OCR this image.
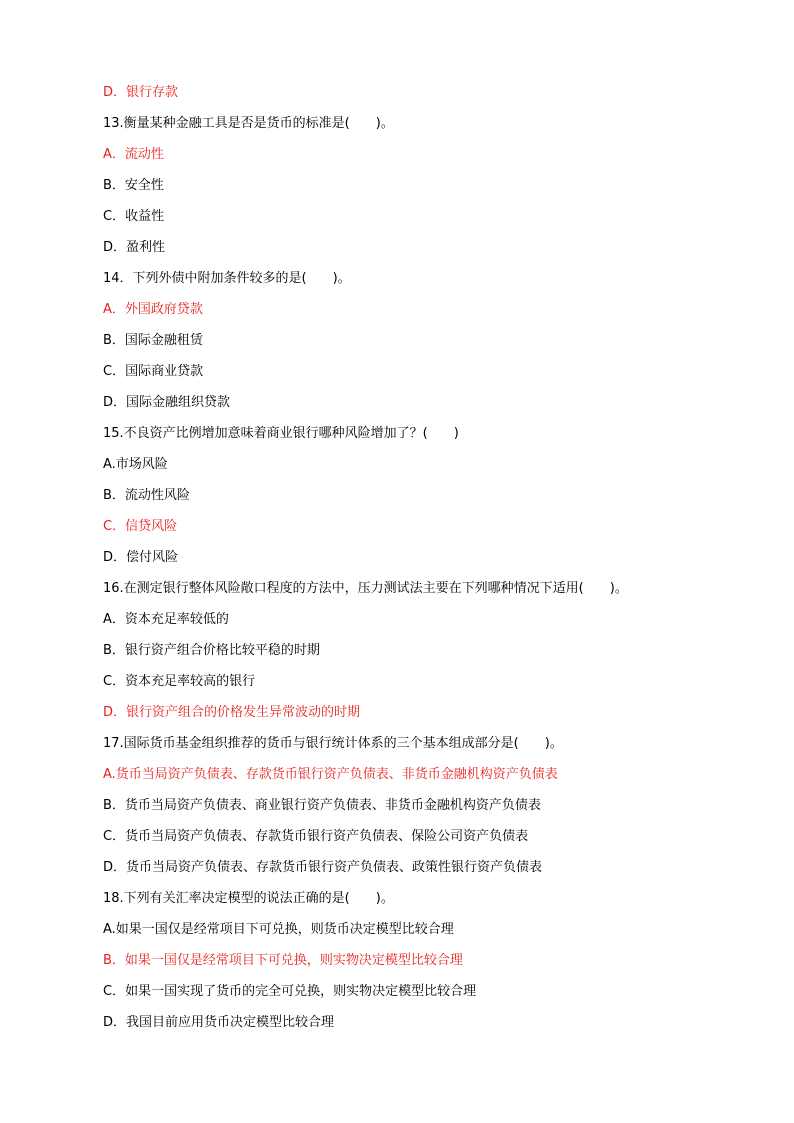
D．银行存款
13.衡量某种金融工具是否是货币的标准是(　　)。
A．流动性
B．安全性
C．收益性
D．盈利性
14．下列外债中附加条件较多的是(　　)。
A．外国政府贷款
B．国际金融租赁
C．国际商业贷款
D．国际金融组织贷款
15.不良资产比例增加意味着商业银行哪种风险增加了？(　　)
A.市场风险
B．流动性风险
C．信贷风险
D．偿付风险
16.在测定银行整体风险敞口程度的方法中，压力测试法主要在下列哪种情况下适用(　　)。
A．资本充足率较低的
B．银行资产组合价格比较平稳的时期
C．资本充足率较高的银行
D．银行资产组合的价格发生异常波动的时期
17.国际货币基金组织推荐的货币与银行统计体系的三个基本组成部分是(　　)。
A.货币当局资产负债表、存款货币银行资产负债表、非货币金融机构资产负债表
B．货币当局资产负债表、商业银行资产负债表、非货币金融机构资产负债表
C．货币当局资产负债表、存款货币银行资产负债表、保险公司资产负债表
D．货币当局资产负债表、存款货币银行资产负债表、政策性银行资产负债表
18.下列有关汇率决定模型的说法正确的是(　　)。
A.如果一国仅是经常项目下可兑换，则货币决定模型比较合理
B．如果一国仅是经常项目下可兑换，则实物决定模型比较合理
C．如果一国实现了货币的完全可兑换，则实物决定模型比较合理
D．我国目前应用货币决定模型比较合理
